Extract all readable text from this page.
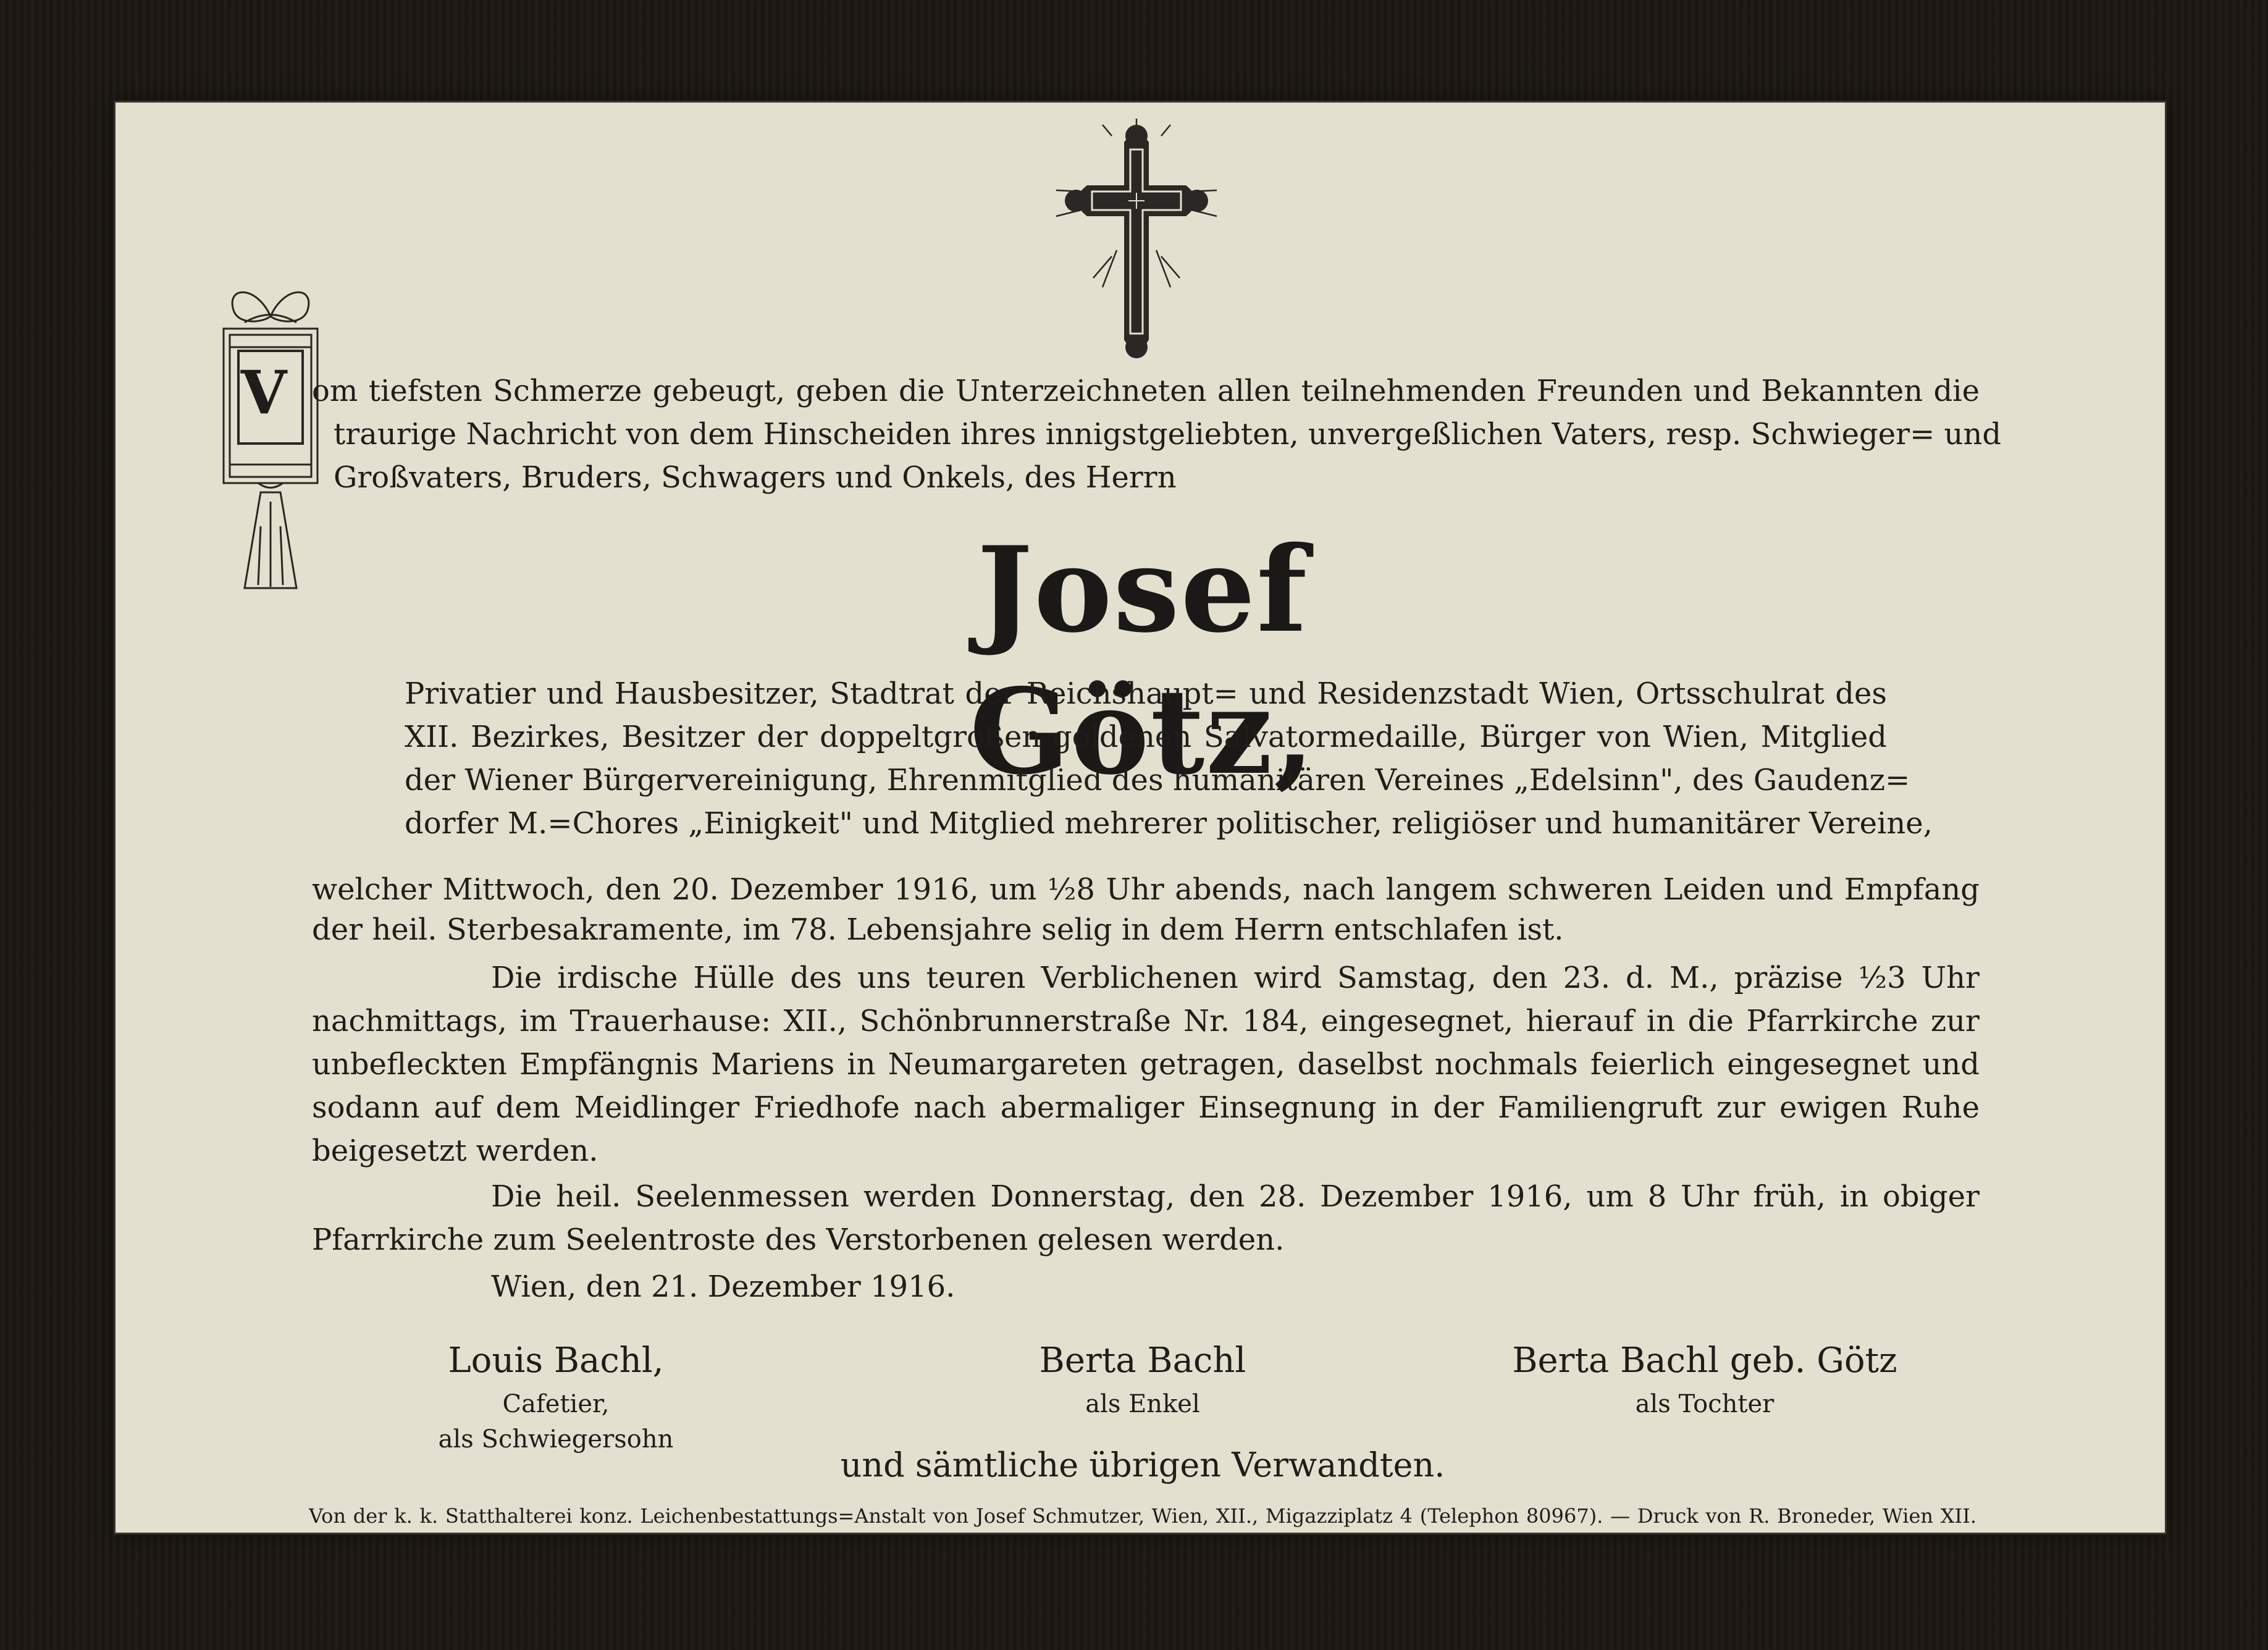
V om tiefsten Schmerze gebeugt, geben die Unterzeichneten allen teilnehmenden Freunden und Bekannten die
traurige Nachricht von dem Hinscheiden ihres innigstgeliebten, unvergeßlichen Vaters, resp. Schwieger= und
Großvaters, Bruders, Schwagers und Onkels, des Herrn
Josef Götz,
Privatier und Hausbesitzer, Stadtrat der Reichshaupt= und Residenzstadt Wien, Ortsschulrat des
XII. Bezirkes, Besitzer der doppeltgroßen goldenen Salvatormedaille, Bürger von Wien, Mitglied
der Wiener Bürgervereinigung, Ehrenmitglied des humanitären Vereines „Edelsinn", des Gaudenz=
dorfer M.=Chores „Einigkeit" und Mitglied mehrerer politischer, religiöser und humanitärer Vereine,
welcher Mittwoch, den 20. Dezember 1916, um ½8 Uhr abends, nach langem schweren Leiden und Empfang
der heil. Sterbesakramente, im 78. Lebensjahre selig in dem Herrn entschlafen ist.
Die irdische Hülle des uns teuren Verblichenen wird Samstag, den 23. d. M., präzise ½3 Uhr
nachmittags, im Trauerhause: XII., Schönbrunnerstraße Nr. 184, eingesegnet, hierauf in die Pfarrkirche zur
unbefleckten Empfängnis Mariens in Neumargareten getragen, daselbst nochmals feierlich eingesegnet und
sodann auf dem Meidlinger Friedhofe nach abermaliger Einsegnung in der Familiengruft zur ewigen Ruhe
beigesetzt werden.
Die heil. Seelenmessen werden Donnerstag, den 28. Dezember 1916, um 8 Uhr früh, in obiger
Pfarrkirche zum Seelentroste des Verstorbenen gelesen werden.
Wien, den 21. Dezember 1916.
Louis Bachl,
Cafetier,
als Schwiegersohn
Berta Bachl
als Enkel
Berta Bachl geb. Götz
als Tochter
und sämtliche übrigen Verwandten.
Von der k. k. Statthalterei konz. Leichenbestattungs=Anstalt von Josef Schmutzer, Wien, XII., Migazziplatz 4 (Telephon 80967). — Druck von R. Broneder, Wien XII.
